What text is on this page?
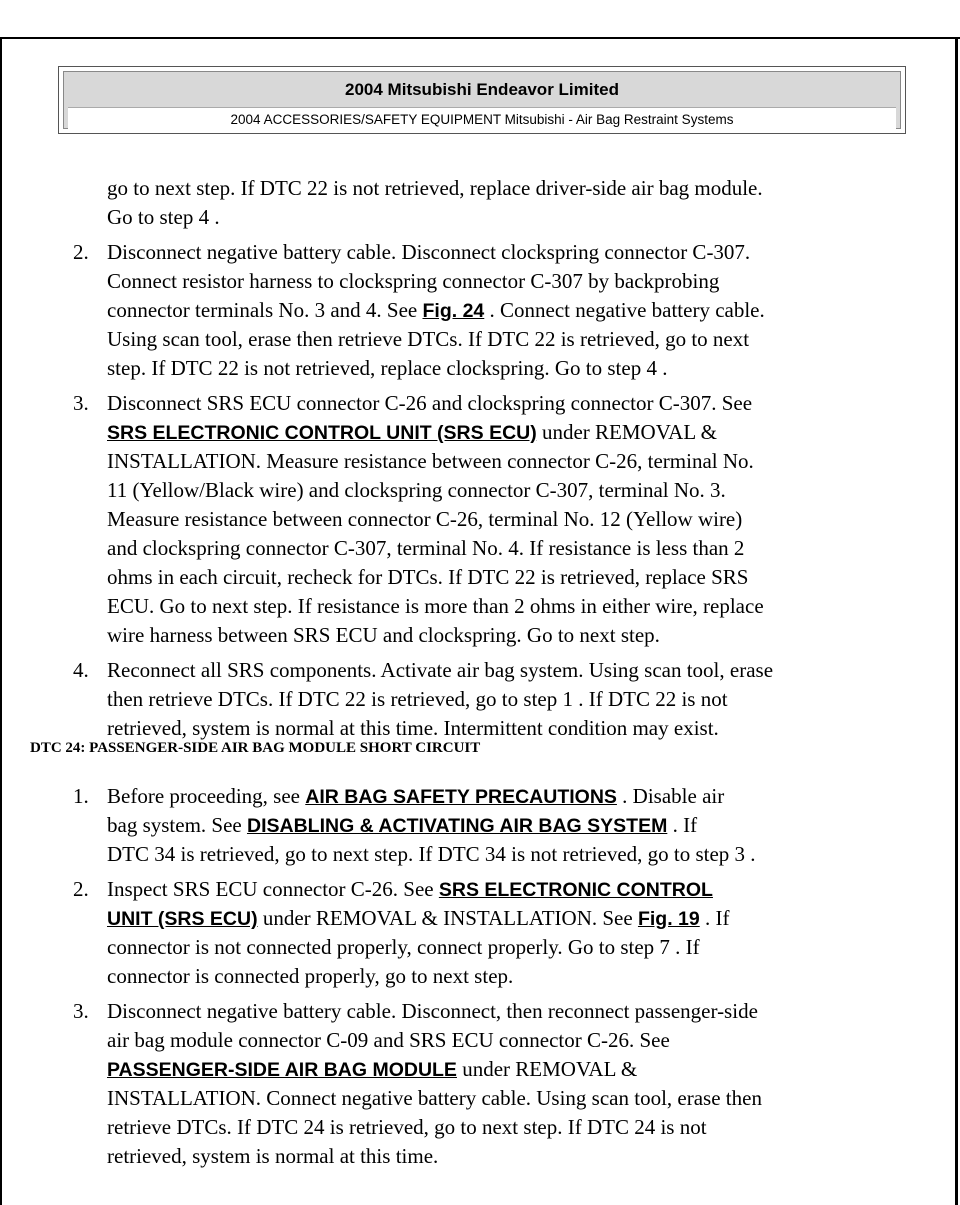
2004 Mitsubishi Endeavor Limited
2004 ACCESSORIES/SAFETY EQUIPMENT Mitsubishi - Air Bag Restraint Systems
go to next step. If DTC 22 is not retrieved, replace driver-side air bag module.
Go to step 4 .
2. Disconnect negative battery cable. Disconnect clockspring connector C-307.
Connect resistor harness to clockspring connector C-307 by backprobing
connector terminals No. 3 and 4. See Fig. 24 . Connect negative battery cable.
Using scan tool, erase then retrieve DTCs. If DTC 22 is retrieved, go to next
step. If DTC 22 is not retrieved, replace clockspring. Go to step 4 .
3. Disconnect SRS ECU connector C-26 and clockspring connector C-307. See
SRS ELECTRONIC CONTROL UNIT (SRS ECU) under REMOVAL &
INSTALLATION. Measure resistance between connector C-26, terminal No.
11 (Yellow/Black wire) and clockspring connector C-307, terminal No. 3.
Measure resistance between connector C-26, terminal No. 12 (Yellow wire)
and clockspring connector C-307, terminal No. 4. If resistance is less than 2
ohms in each circuit, recheck for DTCs. If DTC 22 is retrieved, replace SRS
ECU. Go to next step. If resistance is more than 2 ohms in either wire, replace
wire harness between SRS ECU and clockspring. Go to next step.
4. Reconnect all SRS components. Activate air bag system. Using scan tool, erase
then retrieve DTCs. If DTC 22 is retrieved, go to step 1 . If DTC 22 is not
retrieved, system is normal at this time. Intermittent condition may exist.
DTC 24: PASSENGER-SIDE AIR BAG MODULE SHORT CIRCUIT
1. Before proceeding, see AIR BAG SAFETY PRECAUTIONS . Disable air
bag system. See DISABLING & ACTIVATING AIR BAG SYSTEM . If
DTC 34 is retrieved, go to next step. If DTC 34 is not retrieved, go to step 3 .
2. Inspect SRS ECU connector C-26. See SRS ELECTRONIC CONTROL
UNIT (SRS ECU) under REMOVAL & INSTALLATION. See Fig. 19 . If
connector is not connected properly, connect properly. Go to step 7 . If
connector is connected properly, go to next step.
3. Disconnect negative battery cable. Disconnect, then reconnect passenger-side
air bag module connector C-09 and SRS ECU connector C-26. See
PASSENGER-SIDE AIR BAG MODULE under REMOVAL &
INSTALLATION. Connect negative battery cable. Using scan tool, erase then
retrieve DTCs. If DTC 24 is retrieved, go to next step. If DTC 24 is not
retrieved, system is normal at this time.
